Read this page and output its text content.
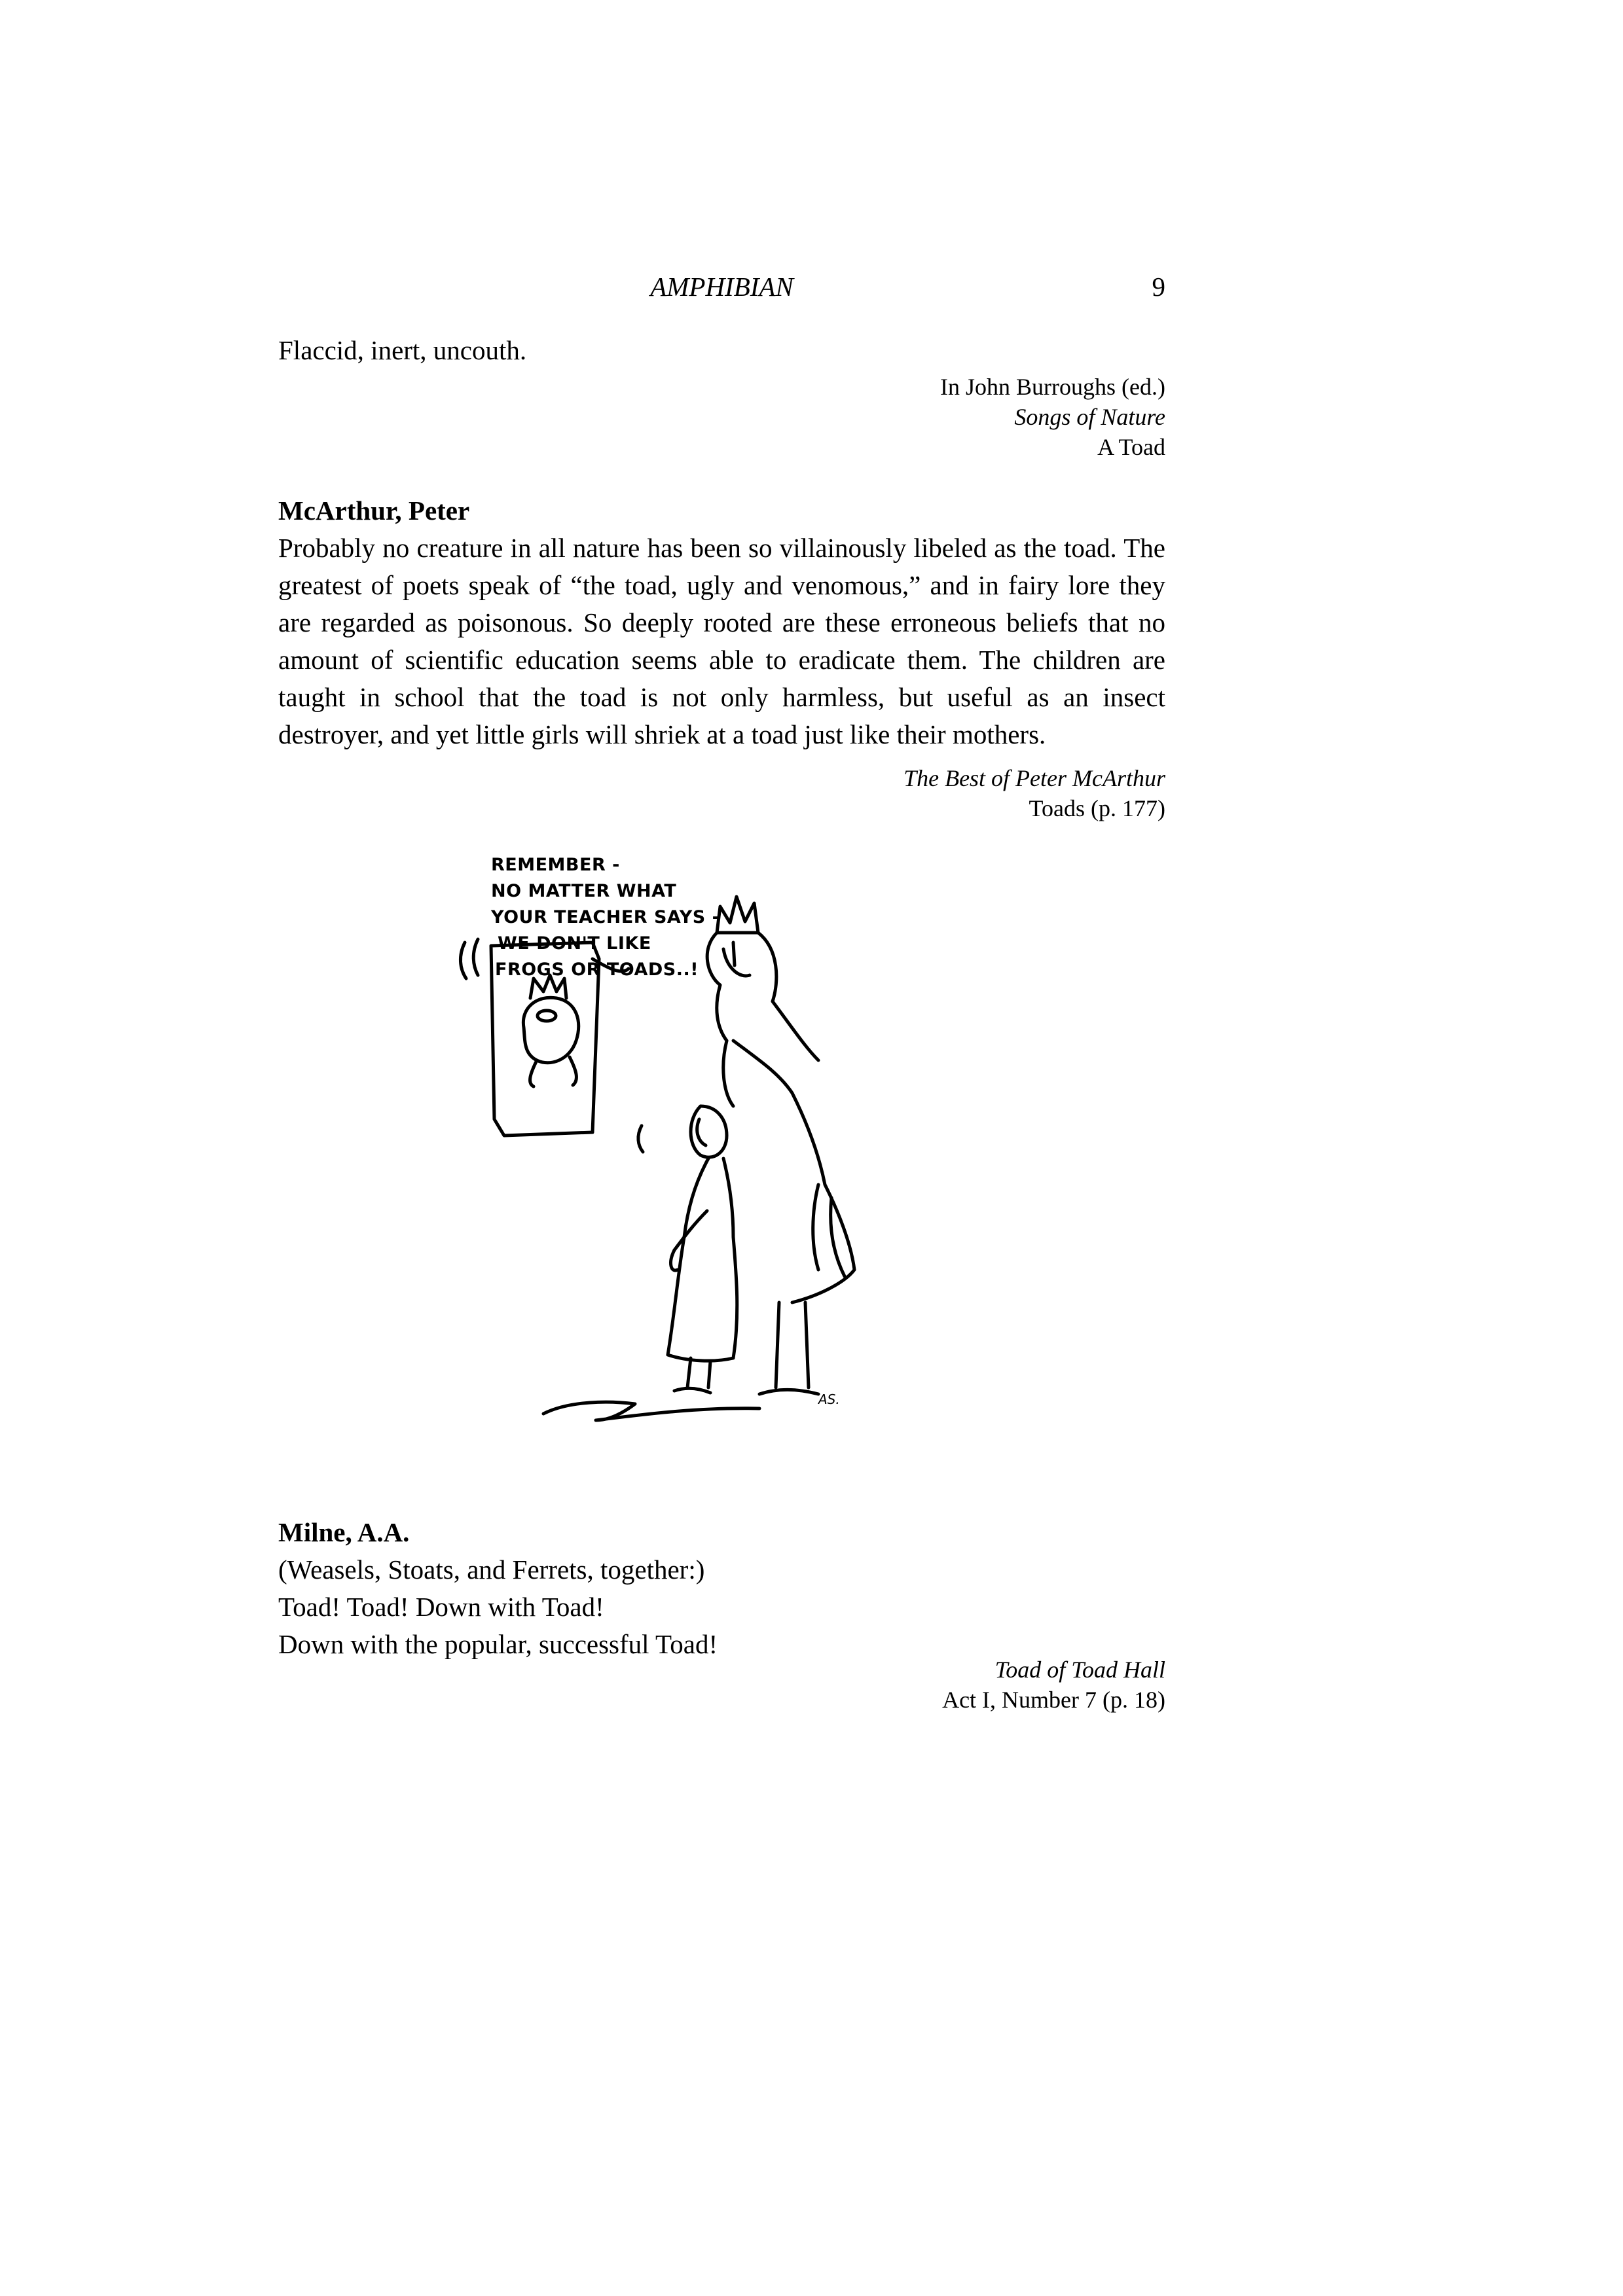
AMPHIBIAN	9

Flaccid, inert, uncouth.

In John Burroughs (ed.)
Songs of Nature
A Toad

McArthur, Peter

Probably no creature in all nature has been so villainously libeled as the toad. The greatest of poets speak of “the toad, ugly and venomous,” and in fairy lore they are regarded as poisonous. So deeply rooted are these erroneous beliefs that no amount of scientific education seems able to eradicate them. The children are taught in school that the toad is not only harmless, but useful as an insect destroyer, and yet little girls will shriek at a toad just like their mothers.

The Best of Peter McArthur
Toads (p. 177)
REMEMBER -
NO MATTER WHAT
YOUR TEACHER SAYS -
WE DON'T LIKE
FROGS OR TOADS..!
AS.

Milne, A.A.

(Weasels, Stoats, and Ferrets, together:)

Toad! Toad! Down with Toad!

Down with the popular, successful Toad!

Toad of Toad Hall
Act I, Number 7 (p. 18)
